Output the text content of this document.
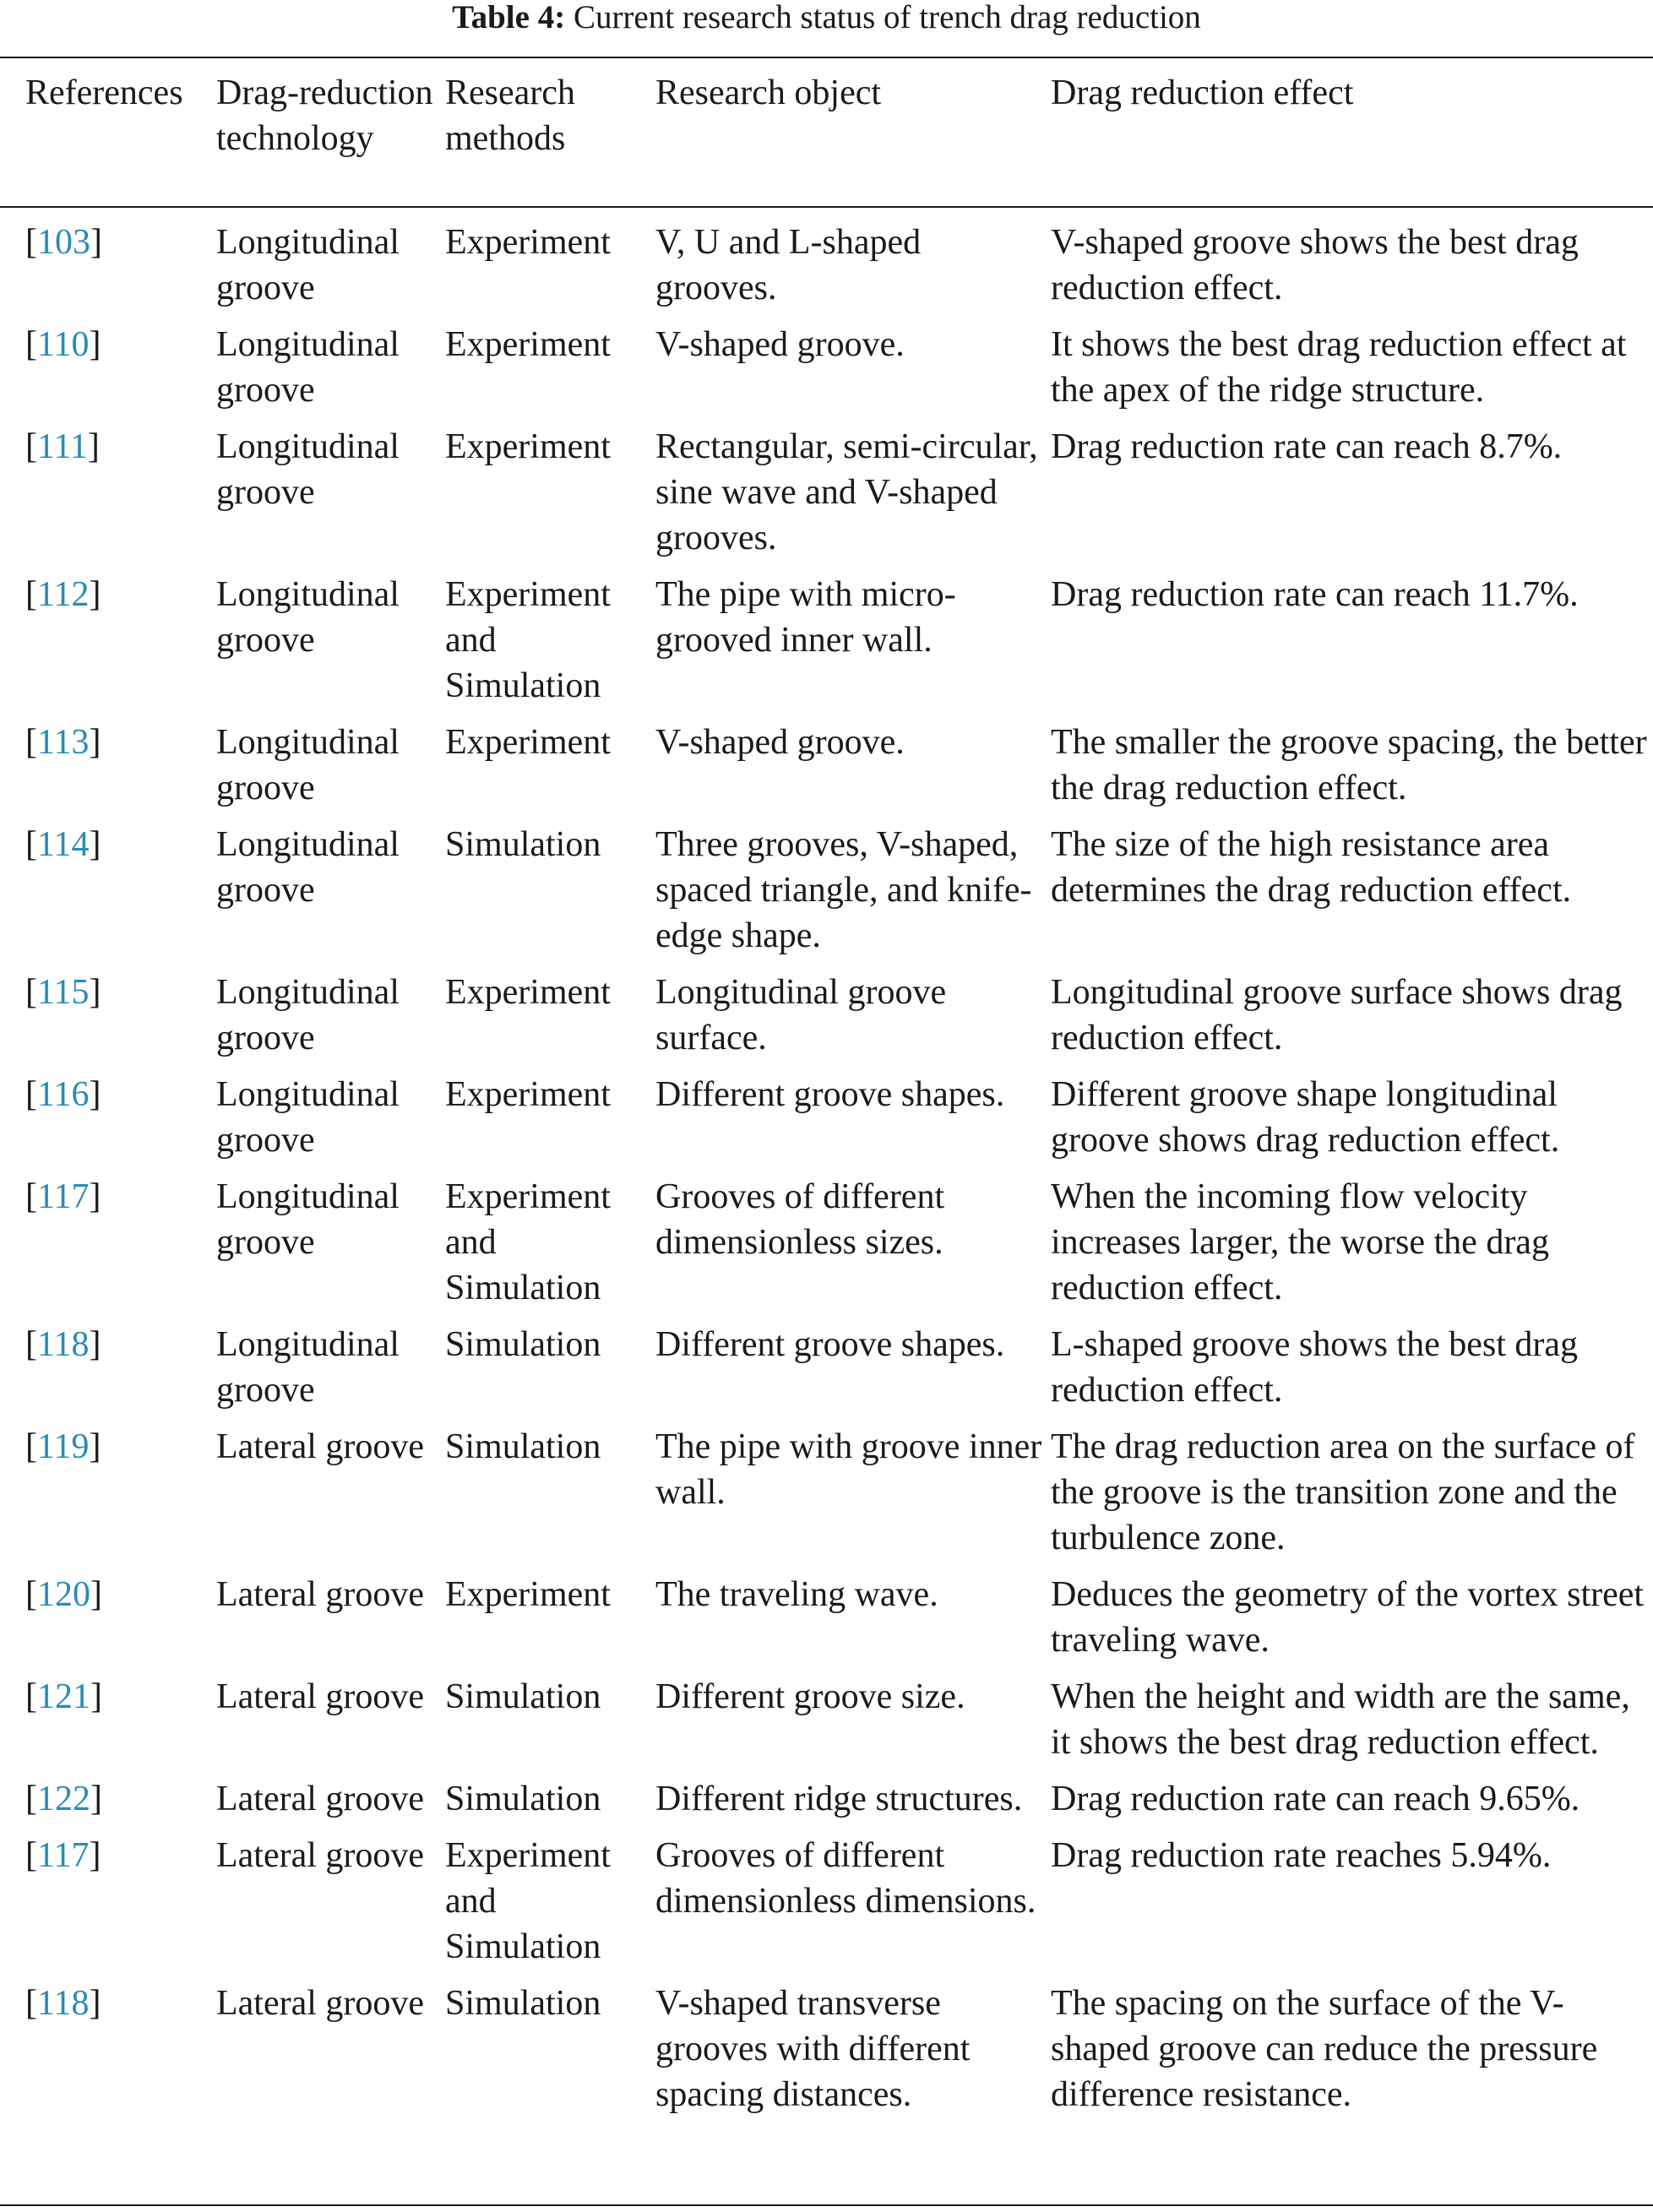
Table 4: Current research status of trench drag reduction
References	Drag-reduction technology	Research methods	Research object	Drag reduction effect
[103]	Longitudinal groove	Experiment	V, U and L-shaped grooves.	V-shaped groove shows the best drag reduction effect.
[110]	Longitudinal groove	Experiment	V-shaped groove.	It shows the best drag reduction effect at the apex of the ridge structure.
[111]	Longitudinal groove	Experiment	Rectangular, semi-circular, sine wave and V-shaped grooves.	Drag reduction rate can reach 8.7%.
[112]	Longitudinal groove	Experiment and Simulation	The pipe with micro-grooved inner wall.	Drag reduction rate can reach 11.7%.
[113]	Longitudinal groove	Experiment	V-shaped groove.	The smaller the groove spacing, the better the drag reduction effect.
[114]	Longitudinal groove	Simulation	Three grooves, V-shaped, spaced triangle, and knife-edge shape.	The size of the high resistance area determines the drag reduction effect.
[115]	Longitudinal groove	Experiment	Longitudinal groove surface.	Longitudinal groove surface shows drag reduction effect.
[116]	Longitudinal groove	Experiment	Different groove shapes.	Different groove shape longitudinal groove shows drag reduction effect.
[117]	Longitudinal groove	Experiment and Simulation	Grooves of different dimensionless sizes.	When the incoming flow velocity increases larger, the worse the drag reduction effect.
[118]	Longitudinal groove	Simulation	Different groove shapes.	L-shaped groove shows the best drag reduction effect.
[119]	Lateral groove	Simulation	The pipe with groove inner wall.	The drag reduction area on the surface of the groove is the transition zone and the turbulence zone.
[120]	Lateral groove	Experiment	The traveling wave.	Deduces the geometry of the vortex street traveling wave.
[121]	Lateral groove	Simulation	Different groove size.	When the height and width are the same, it shows the best drag reduction effect.
[122]	Lateral groove	Simulation	Different ridge structures.	Drag reduction rate can reach 9.65%.
[117]	Lateral groove	Experiment and Simulation	Grooves of different dimensionless dimensions.	Drag reduction rate reaches 5.94%.
[118]	Lateral groove	Simulation	V-shaped transverse grooves with different spacing distances.	The spacing on the surface of the V-shaped groove can reduce the pressure difference resistance.
